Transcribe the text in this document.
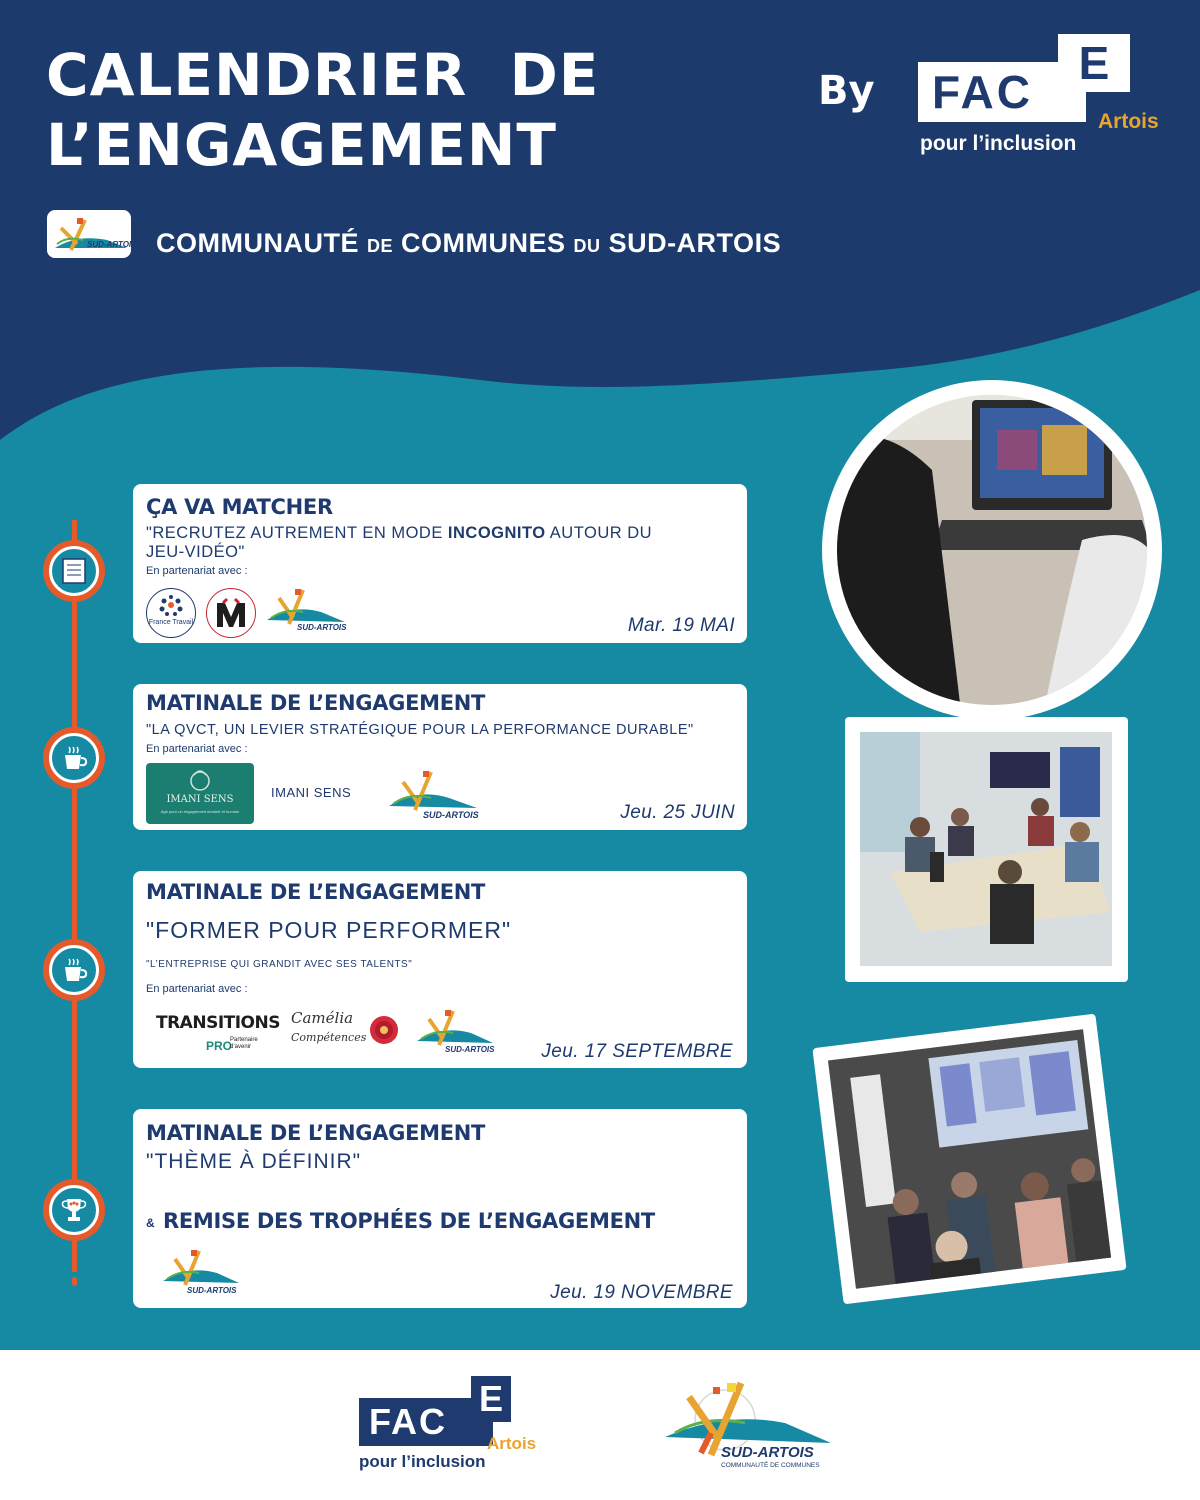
CALENDRIER  DE
L’ENGAGEMENT
By	FAC
E
Artois
pour l’inclusion
SUD-ARTOIS COMMUNAUTÉ DE COMMUNES DU SUD-ARTOIS
ÇA VA MATCHER
"RECRUTEZ AUTREMENT EN MODE INCOGNITO AUTOUR DU JEU-VIDÉO"
En partenariat avec :
France Travail
SUD-ARTOIS	Mar. 19 MAI
MATINALE DE L’ENGAGEMENT
"LA QVCT, UN LEVIER STRATÉGIQUE POUR LA PERFORMANCE DURABLE"
En partenariat avec :
IMANI SENS
Agir pour un engagement durable et humain
IMANI SENS
SUD-ARTOIS	Jeu. 25 JUIN
MATINALE DE L’ENGAGEMENT
"FORMER POUR PERFORMER"
"L’ENTREPRISE QUI GRANDIT AVEC SES TALENTS"
En partenariat avec :
TRANSITIONS
PRO
Partenaire d’avenir
Camélia
Compétences
SUD-ARTOIS Jeu. 17 SEPTEMBRE
MATINALE DE L’ENGAGEMENT
"THÈME À DÉFINIR"
& REMISE DES TROPHÉES DE L’ENGAGEMENT
SUD-ARTOIS	Jeu. 19 NOVEMBRE
FAC
E
Artois
pour l’inclusion	SUD-ARTOIS
COMMUNAUTÉ DE COMMUNES
